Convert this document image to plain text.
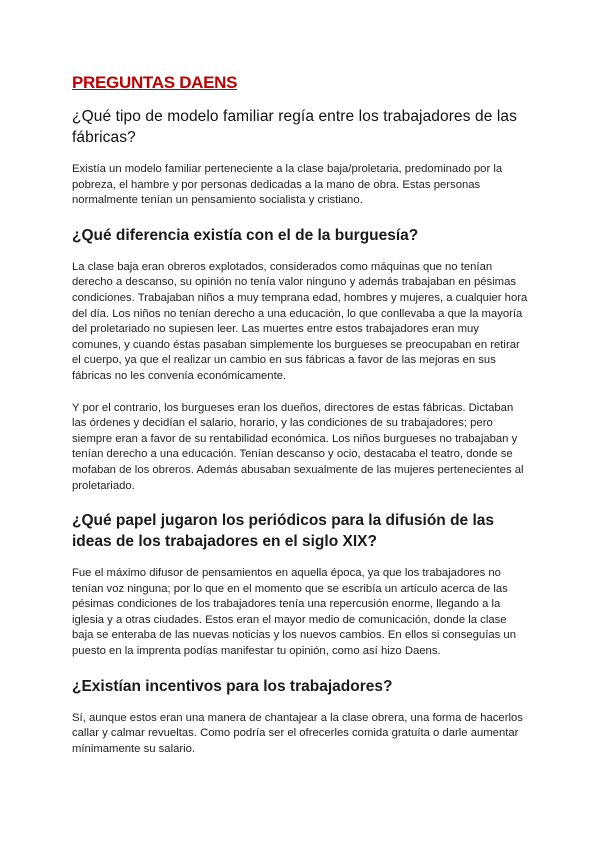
PREGUNTAS DAENS
¿Qué tipo de modelo familiar regía entre los trabajadores de las fábricas?

Existía un modelo familiar perteneciente a la clase baja/proletaria, predominado por la pobreza, el hambre y por personas dedicadas a la mano de obra. Estas personas normalmente tenían un pensamiento socialista y cristiano.

¿Qué diferencia existía con el de la burguesía?

La clase baja eran obreros explotados, considerados como máquinas que no tenían derecho a descanso, su opinión no tenía valor ninguno y además trabajaban en pésimas condiciones. Trabajaban niños a muy temprana edad, hombres y mujeres, a cualquier hora del día. Los niños no tenían derecho a una educación, lo que conllevaba a que la mayoría del proletariado no supiesen leer. Las muertes entre estos trabajadores eran muy comunes, y cuando éstas pasaban simplemente los burgueses se preocupaban en retirar el cuerpo, ya que el realizar un cambio en sus fábricas a favor de las mejoras en sus fábricas no les convenía económicamente.

Y por el contrario, los burgueses eran los dueños, directores de estas fábricas. Dictaban las órdenes y decidían el salario, horario, y las condiciones de su trabajadores; pero siempre eran a favor de su rentabilidad económica. Los niños burgueses no trabajaban y tenían derecho a una educación. Tenían descanso y ocio, destacaba el teatro, donde se mofaban de los obreros. Además abusaban sexualmente de las mujeres pertenecientes al proletariado.

¿Qué papel jugaron los periódicos para la difusión de las ideas de los trabajadores en el siglo XIX?

Fue el máximo difusor de pensamientos en aquella época, ya que los trabajadores no tenían voz ninguna; por lo que en el momento que se escribía un artículo acerca de las pésimas condiciones de los trabajadores tenía una repercusión enorme, llegando a la iglesia y a otras ciudades. Estos eran el mayor medio de comunicación, donde la clase baja se enteraba de las nuevas noticias y los nuevos cambios. En ellos si conseguías un puesto en la imprenta podías manifestar tu opinión, como así hizo Daens.

¿Existían incentivos para los trabajadores?

Sí, aunque estos eran una manera de chantajear a la clase obrera, una forma de hacerlos callar y calmar revueltas. Como podría ser el ofrecerles comida gratuíta o darle aumentar mínimamente su salario.
